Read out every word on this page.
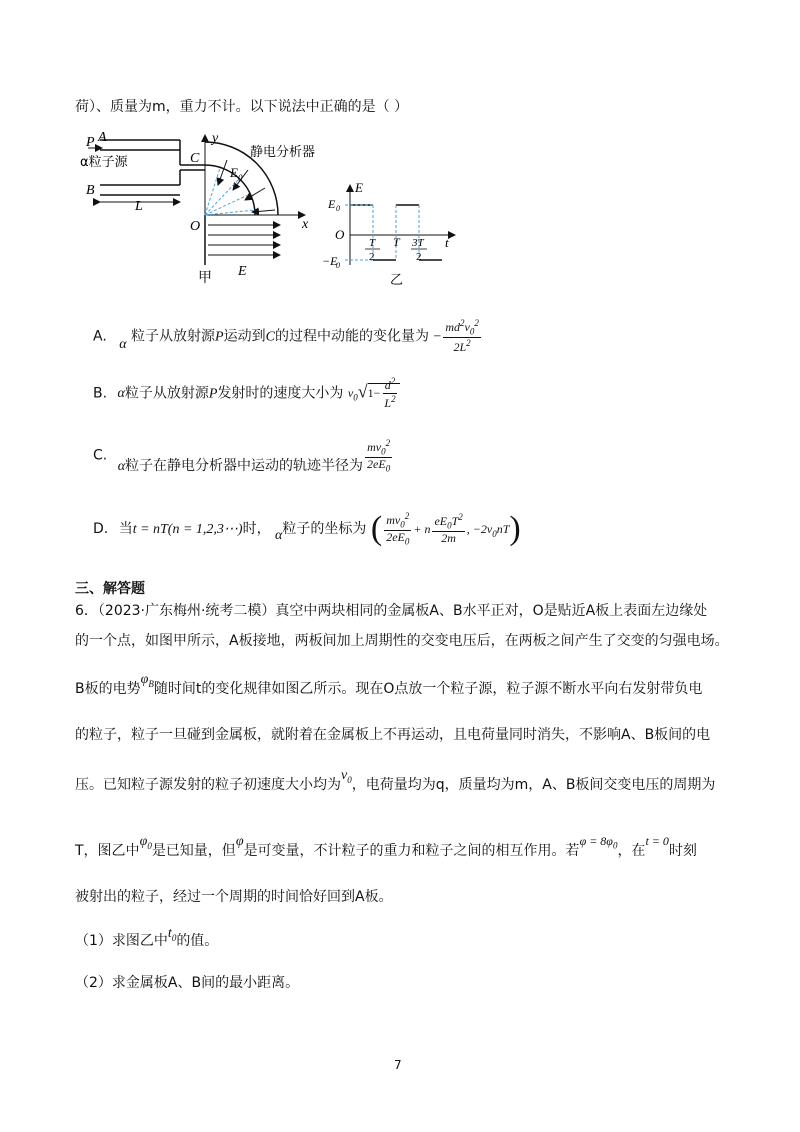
荷）、质量为m，重力不计。以下说法中正确的是（ ）
P A
α粒子源
B
L
C
y
x
O
E 0
静电分析器
E
甲
E
E 0
O
t
T
2
T 3T
2
−E
0
乙
A. α 粒子从放射源P运动到C的过程中动能的变化量为 − $\frac{md^2v_0^2}{2L^2}$
B. α粒子从放射源P发射时的速度大小为 $v_0√1- \frac{d^2}{L^2}$
C. α粒子在静电分析器中运动的轨迹半径为 $\frac{mv_0^2}{2eE_0}$
D. 当t = nT(n = 1,2,3⋯)时， α粒子的坐标为 ( $\frac{mv_0^2}{2eE_0} + n \frac{eE_0T^2}{2m}$ , $-2v_0nT$)
三、解答题
6．（2023·广东梅州·统考二模）真空中两块相同的金属板A、B水平正对，O是贴近A板上表面左边缘处
的一个点，如图甲所示，A板接地，两板间加上周期性的交变电压后，在两板之间产生了交变的匀强电场。
B板的电势$\varphi_B$随时间t的变化规律如图乙所示。现在O点放一个粒子源，粒子源不断水平向右发射带负电
的粒子，粒子一旦碰到金属板，就附着在金属板上不再运动，且电荷量同时消失，不影响A、B板间的电
压。已知粒子源发射的粒子初速度大小均为$v_0$，电荷量均为q，质量均为m，A、B板间交变电压的周期为
T，图乙中$\varphi_0$是已知量，但φ是可变量，不计粒子的重力和粒子之间的相互作用。若$\varphi = 8\varphi_0$，在t = 0时刻
被射出的粒子，经过一个周期的时间恰好回到A板。
（1）求图乙中$t_0$的值。
（2）求金属板A、B间的最小距离。
7
